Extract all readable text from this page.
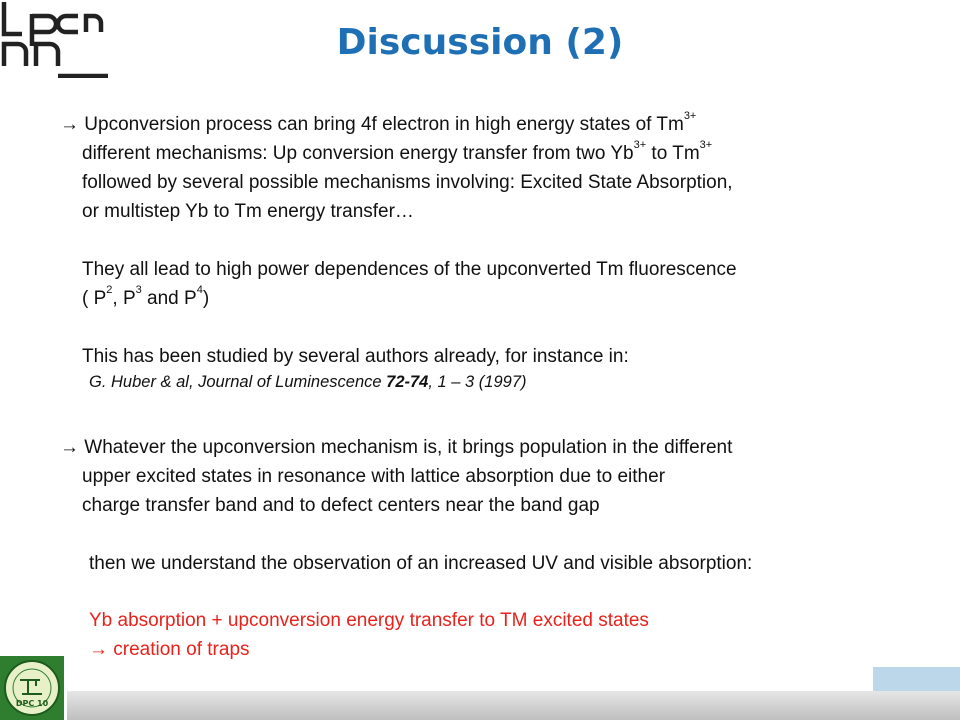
Discussion (2)
→ Upconversion process can bring 4f electron in high energy states of $Tm^{3+}$
different mechanisms: Up conversion energy transfer from two $Yb^{3+}$ to $Tm^{3+}$
followed by several possible mechanisms involving: Excited State Absorption,
or multistep Yb to Tm energy transfer…
They all lead to high power dependences of the upconverted Tm fluorescence
( $P^2$, $P^3$ and $P^4$)
This has been studied by several authors already, for instance in:
G. Huber & al, Journal of Luminescence 72-74, 1 – 3 (1997)
→ Whatever the upconversion mechanism is, it brings population in the different
upper excited states in resonance with lattice absorption due to either
charge transfer band and to defect centers near the band gap
then we understand the observation of an increased UV and visible absorption:
Yb absorption + upconversion energy transfer to TM excited states
→ creation of traps
DPC 10
